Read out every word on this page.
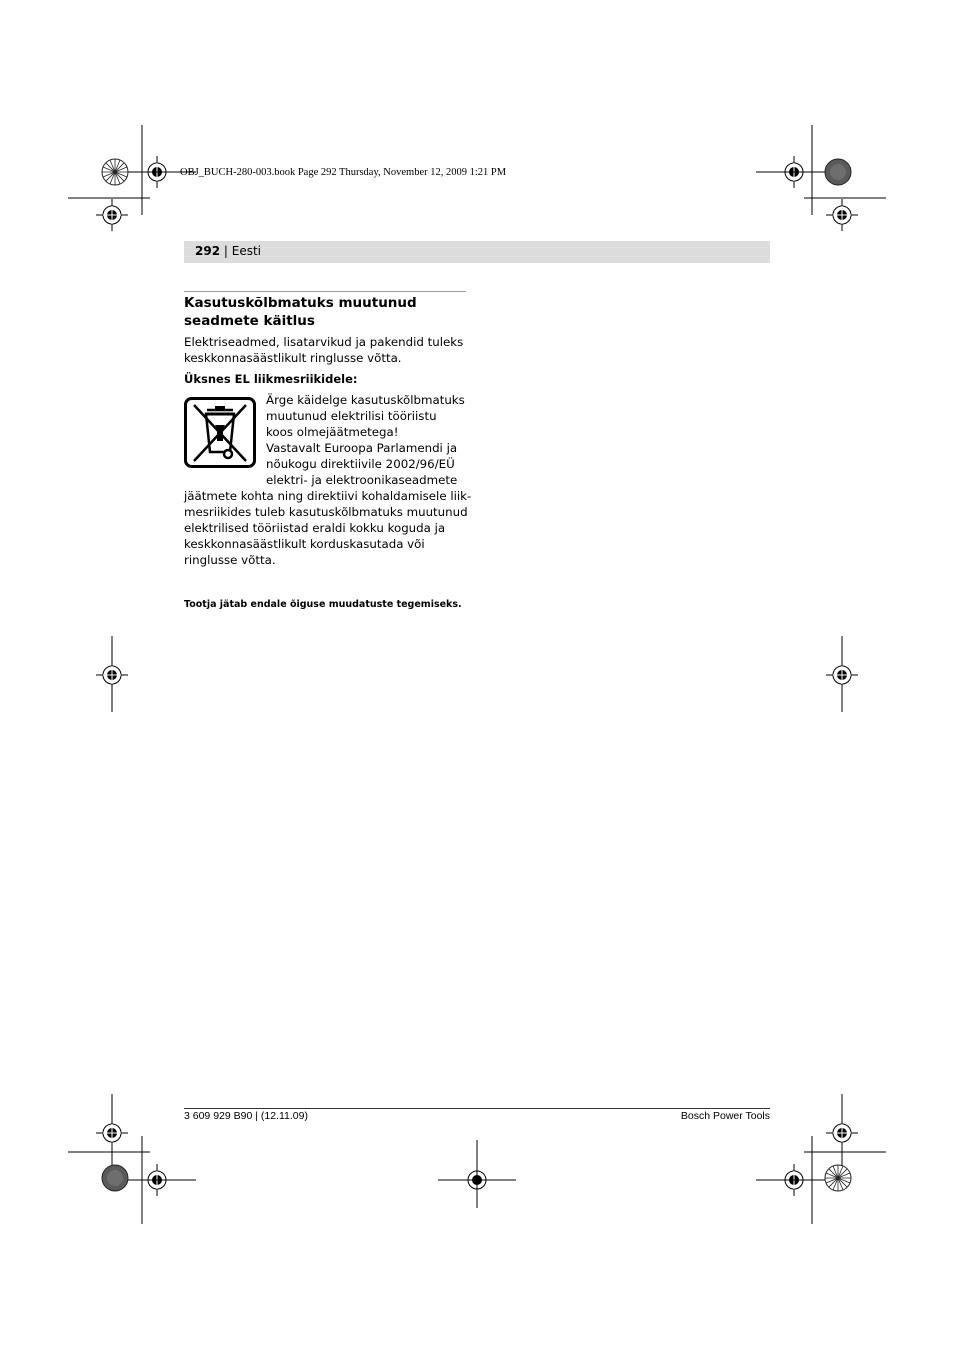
OBJ_BUCH-280-003.book Page 292 Thursday, November 12, 2009 1:21 PM
292 | Eesti
Kasutuskõlbmatuks muutunud
seadmete käitlus
Elektriseadmed, lisatarvikud ja pakendid tuleks
keskkonnasäästlikult ringlusse võtta.
Üksnes EL liikmesriikidele:
Ärge käidelge kasutuskõlbmatuks
muutunud elektrilisi tööriistu
koos olmejäätmetega!
Vastavalt Euroopa Parlamendi ja
nõukogu direktiivile 2002/96/EÜ
elektri- ja elektroonikaseadmete
jäätmete kohta ning direktiivi kohaldamisele liik-
mesriikides tuleb kasutuskõlbmatuks muutunud
elektrilised tööriistad eraldi kokku koguda ja
keskkonnasäästlikult korduskasutada või
ringlusse võtta.
Tootja jätab endale õiguse muudatuste tegemiseks.
3 609 929 B90 | (12.11.09)	Bosch Power Tools
